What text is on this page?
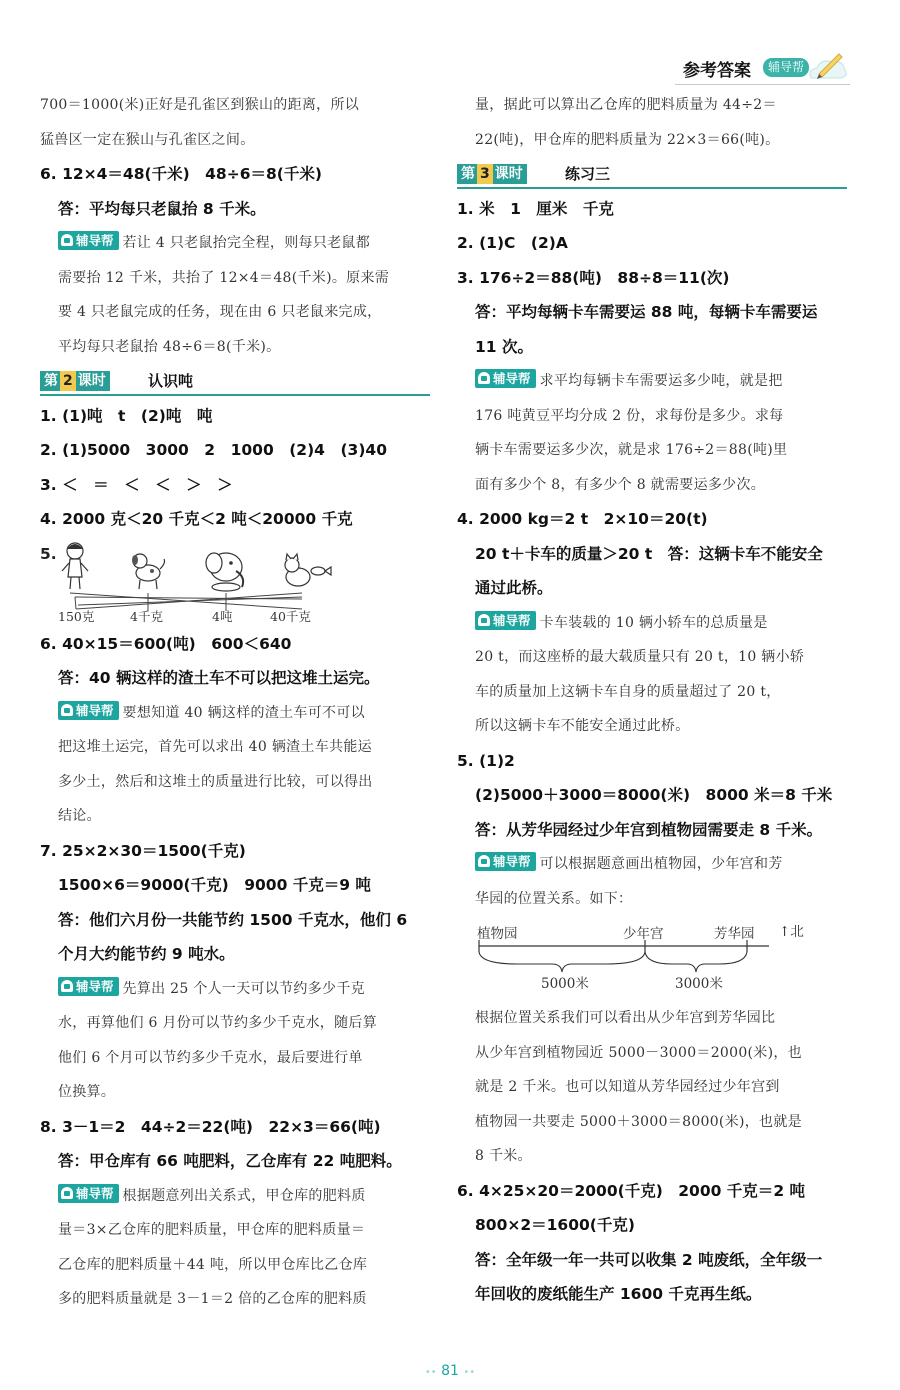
参考答案	辅导帮
700＝1000(米)正好是孔雀区到猴山的距离，所以
猛兽区一定在猴山与孔雀区之间。
6. 12×4＝48(千米)　48÷6＝8(千米)
答：平均每只老鼠抬 8 千米。
辅导帮 若让 4 只老鼠抬完全程，则每只老鼠都
需要抬 12 千米，共抬了 12×4＝48(千米)。原来需
要 4 只老鼠完成的任务，现在由 6 只老鼠来完成，
平均每只老鼠抬 48÷6＝8(千米)。
第 2 课时	认识吨
1. (1)吨　t　(2)吨　吨
2. (1)5000　3000　2　1000　(2)4　(3)40
3. ＜　＝　＜　＜　＞　＞
4. 2000 克＜20 千克＜2 吨＜20000 千克
5.
150克	4千克	4吨	40千克
6. 40×15＝600(吨)　600＜640
答：40 辆这样的渣土车不可以把这堆土运完。
辅导帮 要想知道 40 辆这样的渣土车可不可以
把这堆土运完，首先可以求出 40 辆渣土车共能运
多少土，然后和这堆土的质量进行比较，可以得出
结论。
7. 25×2×30＝1500(千克)
1500×6＝9000(千克)　9000 千克＝9 吨
答：他们六月份一共能节约 1500 千克水，他们 6
个月大约能节约 9 吨水。
辅导帮 先算出 25 个人一天可以节约多少千克
水，再算他们 6 月份可以节约多少千克水，随后算
他们 6 个月可以节约多少千克水，最后要进行单
位换算。
8. 3－1＝2　44÷2＝22(吨)　22×3＝66(吨)
答：甲仓库有 66 吨肥料，乙仓库有 22 吨肥料。
辅导帮 根据题意列出关系式，甲仓库的肥料质
量＝3×乙仓库的肥料质量，甲仓库的肥料质量＝
乙仓库的肥料质量＋44 吨，所以甲仓库比乙仓库
多的肥料质量就是 3－1＝2 倍的乙仓库的肥料质
量，据此可以算出乙仓库的肥料质量为 44÷2＝
22(吨)，甲仓库的肥料质量为 22×3＝66(吨)。
第 3 课时	练习三
1. 米　1　厘米　千克
2. (1)C　(2)A
3. 176÷2＝88(吨)　88÷8＝11(次)
答：平均每辆卡车需要运 88 吨，每辆卡车需要运
11 次。
辅导帮 求平均每辆卡车需要运多少吨，就是把
176 吨黄豆平均分成 2 份，求每份是多少。求每
辆卡车需要运多少次，就是求 176÷2＝88(吨)里
面有多少个 8，有多少个 8 就需要运多少次。
4. 2000 kg＝2 t　2×10＝20(t)
20 t＋卡车的质量＞20 t　答：这辆卡车不能安全
通过此桥。
辅导帮 卡车装载的 10 辆小轿车的总质量是
20 t，而这座桥的最大载质量只有 20 t，10 辆小轿
车的质量加上这辆卡车自身的质量超过了 20 t，
所以这辆卡车不能安全通过此桥。
5. (1)2
(2)5000＋3000＝8000(米)　8000 米＝8 千米
答：从芳华园经过少年宫到植物园需要走 8 千米。
辅导帮 可以根据题意画出植物园，少年宫和芳
华园的位置关系。如下：
植物园	少年宫	芳华园 ↑北
5000米	3000米
根据位置关系我们可以看出从少年宫到芳华园比
从少年宫到植物园近 5000－3000＝2000(米)，也
就是 2 千米。也可以知道从芳华园经过少年宫到
植物园一共要走 5000＋3000＝8000(米)，也就是
8 千米。
6. 4×25×20＝2000(千克)　2000 千克＝2 吨
800×2＝1600(千克)
答：全年级一年一共可以收集 2 吨废纸，全年级一
年回收的废纸能生产 1600 千克再生纸。
•• 81 ••
